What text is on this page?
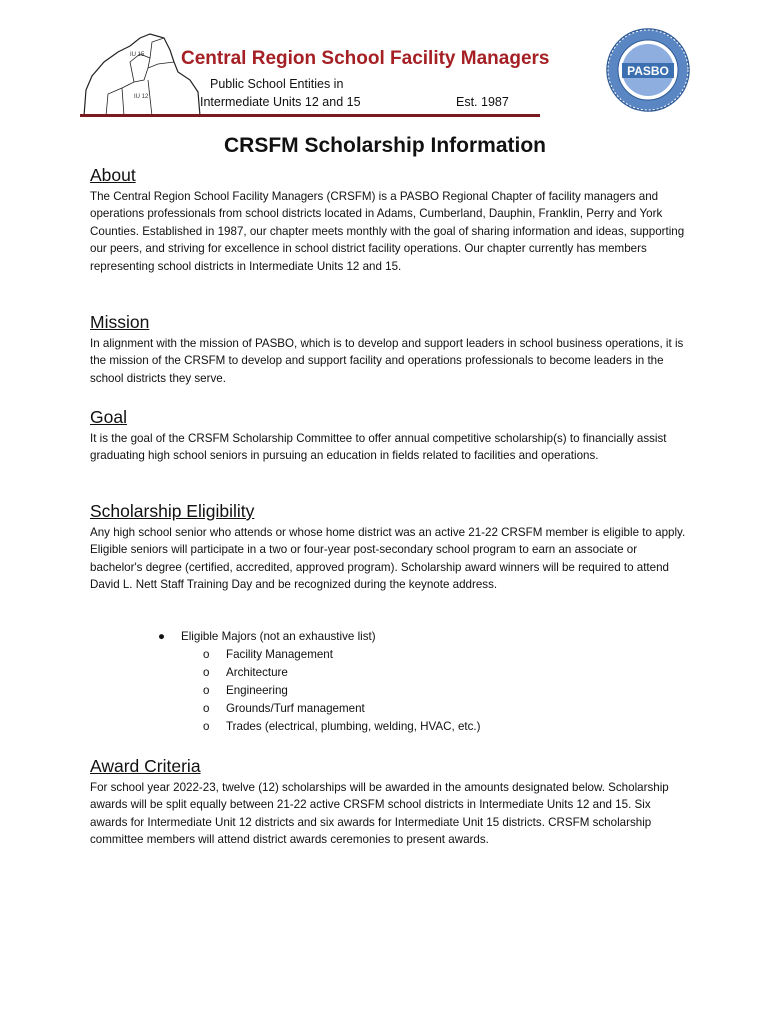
IU 12
IU 15 Central Region School Facility Managers
Public School Entities in
Intermediate Units 12 and 15	Est. 1987
PASBO
CRSFM Scholarship Information
About

The Central Region School Facility Managers (CRSFM) is a PASBO Regional Chapter of facility managers and operations professionals from school districts located in Adams, Cumberland, Dauphin, Franklin, Perry and York Counties. Established in 1987, our chapter meets monthly with the goal of sharing information and ideas, supporting our peers, and striving for excellence in school district facility operations. Our chapter currently has members representing school districts in Intermediate Units 12 and 15.

Mission

In alignment with the mission of PASBO, which is to develop and support leaders in school business operations, it is the mission of the CRSFM to develop and support facility and operations professionals to become leaders in the school districts they serve.

Goal

It is the goal of the CRSFM Scholarship Committee to offer annual competitive scholarship(s) to financially assist graduating high school seniors in pursuing an education in fields related to facilities and operations.

Scholarship Eligibility

Any high school senior who attends or whose home district was an active 21-22 CRSFM member is eligible to apply. Eligible seniors will participate in a two or four-year post-secondary school program to earn an associate or bachelor's degree (certified, accredited, approved program). Scholarship award winners will be required to attend David L. Nett Staff Training Day and be recognized during the keynote address.

● Eligible Majors (not an exhaustive list)
o Facility Management
o Architecture
o Engineering
o Grounds/Turf management
o Trades (electrical, plumbing, welding, HVAC, etc.)
Award Criteria

For school year 2022-23, twelve (12) scholarships will be awarded in the amounts designated below. Scholarship awards will be split equally between 21-22 active CRSFM school districts in Intermediate Units 12 and 15. Six awards for Intermediate Unit 12 districts and six awards for Intermediate Unit 15 districts. CRSFM scholarship committee members will attend district awards ceremonies to present awards.
